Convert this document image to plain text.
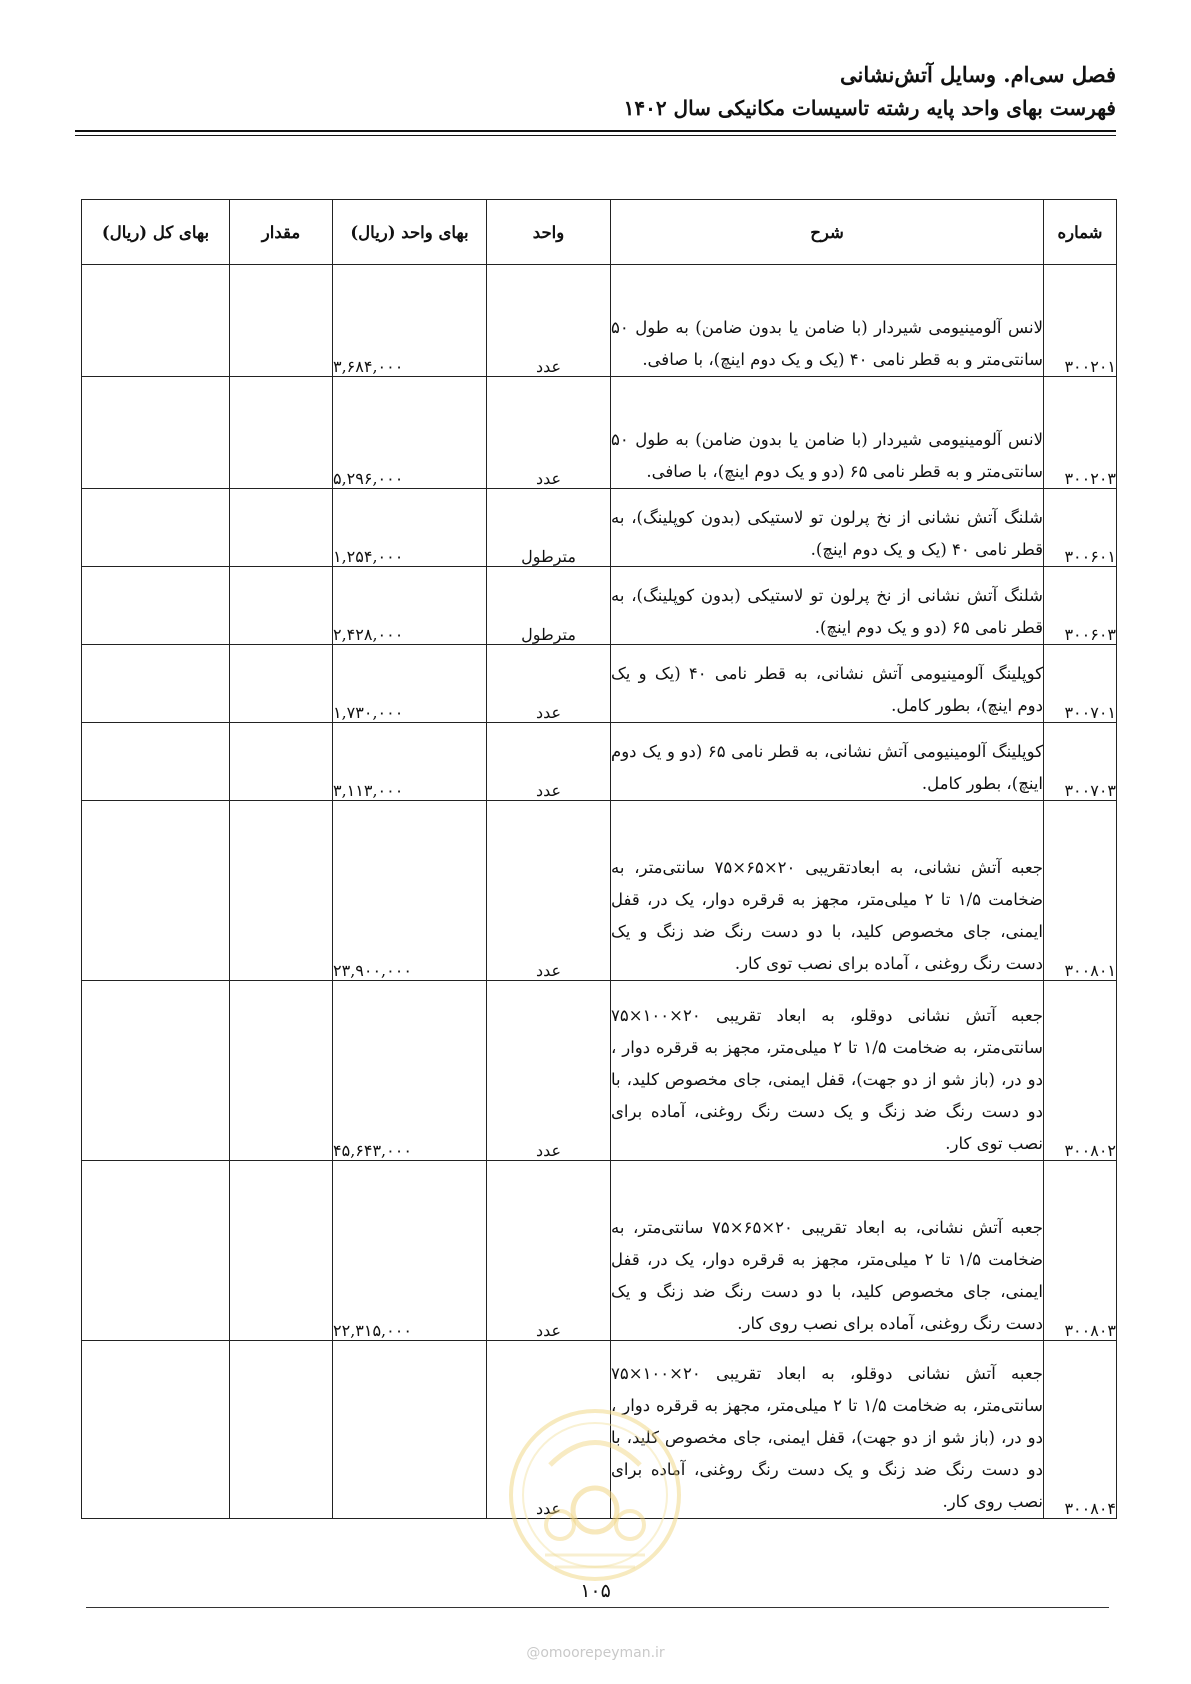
فصل سی‌ام. وسایل آتش‌نشانی
فهرست بهای واحد پایه رشته تاسیسات مکانیکی سال ۱۴۰۲
شماره	شرح	واحد	بهای واحد (ریال)	مقدار	بهای کل (ریال)
۳۰۰۲۰۱	لانس آلومینیومی شیردار (با ضامن یا بدون ضامن) به طول ۵۰ سانتی‌متر و به قطر نامی ۴۰ (یک و یک دوم اینچ)، با صافی.	عدد	۳,۶۸۴,۰۰۰		
۳۰۰۲۰۳	لانس آلومینیومی شیردار (با ضامن یا بدون ضامن) به طول ۵۰ سانتی‌متر و به قطر نامی ۶۵ (دو و یک دوم اینچ)، با صافی.	عدد	۵,۲۹۶,۰۰۰		
۳۰۰۶۰۱	شلنگ آتش نشانی از نخ پرلون تو لاستیکی (بدون کوپلینگ)، به قطر نامی ۴۰ (یک و یک دوم اینچ).	مترطول	۱,۲۵۴,۰۰۰		
۳۰۰۶۰۳	شلنگ آتش نشانی از نخ پرلون تو لاستیکی (بدون کوپلینگ)، به قطر نامی ۶۵ (دو و یک دوم اینچ).	مترطول	۲,۴۲۸,۰۰۰		
۳۰۰۷۰۱	کوپلینگ آلومینیومی آتش نشانی، به قطر نامی ۴۰ (یک و یک دوم اینچ)، بطور کامل.	عدد	۱,۷۳۰,۰۰۰		
۳۰۰۷۰۳	کوپلینگ آلومینیومی آتش نشانی، به قطر نامی ۶۵ (دو و یک دوم اینچ)، بطور کامل.	عدد	۳,۱۱۳,۰۰۰		
۳۰۰۸۰۱	جعبه آتش نشانی، به ابعادتقریبی ۲۰×۶۵×۷۵ سانتی‌متر، به ضخامت ۱/۵ تا ۲ میلی‌متر، مجهز به قرقره دوار، یک در، قفل ایمنی، جای مخصوص کلید، با دو دست رنگ ضد زنگ و یک دست رنگ روغنی ، آماده برای نصب توی کار.	عدد	۲۳,۹۰۰,۰۰۰		
۳۰۰۸۰۲	جعبه آتش نشانی دوقلو، به ابعاد تقریبی ۲۰×۱۰۰×۷۵ سانتی‌متر، به ضخامت ۱/۵ تا ۲ میلی‌متر، مجهز به قرقره دوار ، دو در، (باز شو از دو جهت)، قفل ایمنی، جای مخصوص کلید، با دو دست رنگ ضد زنگ و یک دست رنگ روغنی، آماده برای نصب توی کار.	عدد	۴۵,۶۴۳,۰۰۰		
۳۰۰۸۰۳	جعبه آتش نشانی، به ابعاد تقریبی ۲۰×۶۵×۷۵ سانتی‌متر، به ضخامت ۱/۵ تا ۲ میلی‌متر، مجهز به قرقره دوار، یک در، قفل ایمنی، جای مخصوص کلید، با دو دست رنگ ضد زنگ و یک دست رنگ روغنی، آماده برای نصب روی کار.	عدد	۲۲,۳۱۵,۰۰۰		
۳۰۰۸۰۴	جعبه آتش نشانی دوقلو، به ابعاد تقریبی ۲۰×۱۰۰×۷۵ سانتی‌متر، به ضخامت ۱/۵ تا ۲ میلی‌متر، مجهز به قرقره دوار ، دو در، (باز شو از دو جهت)، قفل ایمنی، جای مخصوص کلید، با دو دست رنگ ضد زنگ و یک دست رنگ روغنی، آماده برای نصب روی کار.	عدد			
۱۰۵
@omoorepeyman.ir
